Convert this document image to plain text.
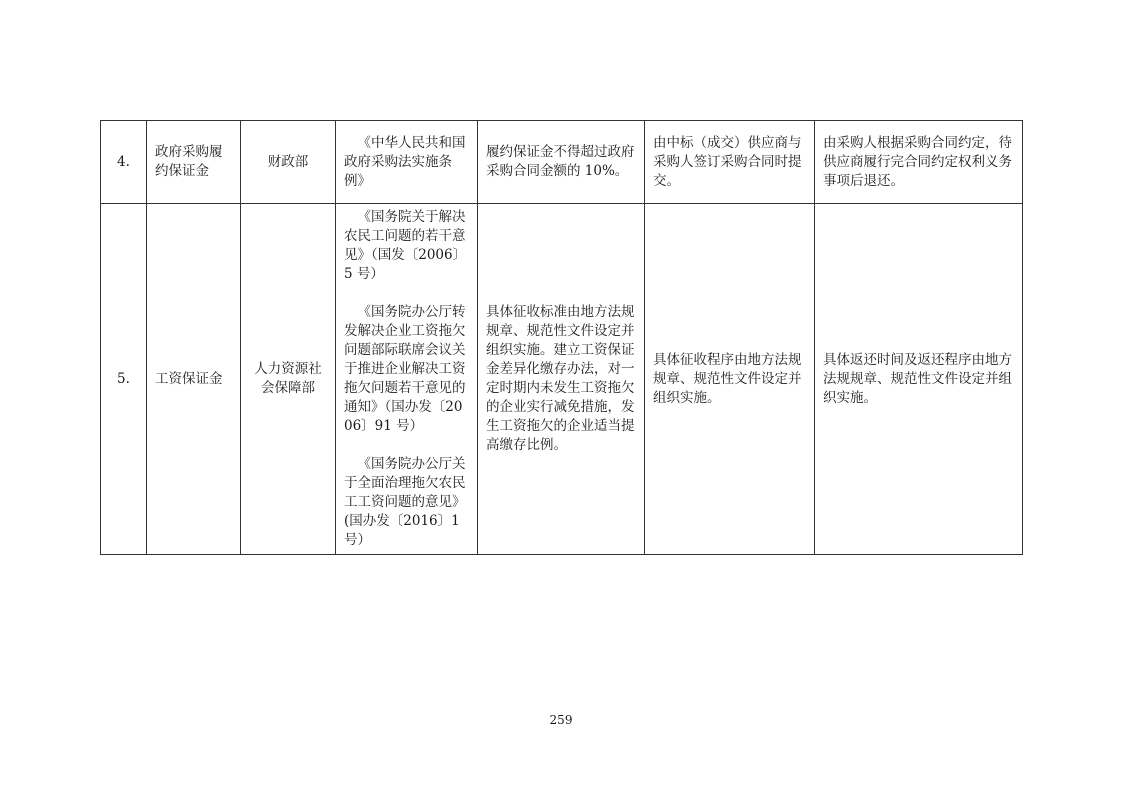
4.	政府采购履约保证金	财政部	《中华人民共和国政府采购法实施条例》	履约保证金不得超过政府采购合同金额的 10%。	由中标（成交）供应商与采购人签订采购合同时提交。	由采购人根据采购合同约定，待供应商履行完合同约定权利义务事项后退还。
5.	工资保证金	人力资源社会保障部	《国务院关于解决农民工问题的若干意见》（国发〔2006〕5 号）
《国务院办公厅转发解决企业工资拖欠问题部际联席会议关于推进企业解决工资拖欠问题若干意见的通知》（国办发〔2006〕91 号）
《国务院办公厅关于全面治理拖欠农民工工资问题的意见》(国办发〔2016〕1 号）	具体征收标准由地方法规规章、规范性文件设定并组织实施。建立工资保证金差异化缴存办法，对一定时期内未发生工资拖欠的企业实行减免措施，发生工资拖欠的企业适当提高缴存比例。	具体征收程序由地方法规规章、规范性文件设定并组织实施。	具体返还时间及返还程序由地方法规规章、规范性文件设定并组织实施。
259
